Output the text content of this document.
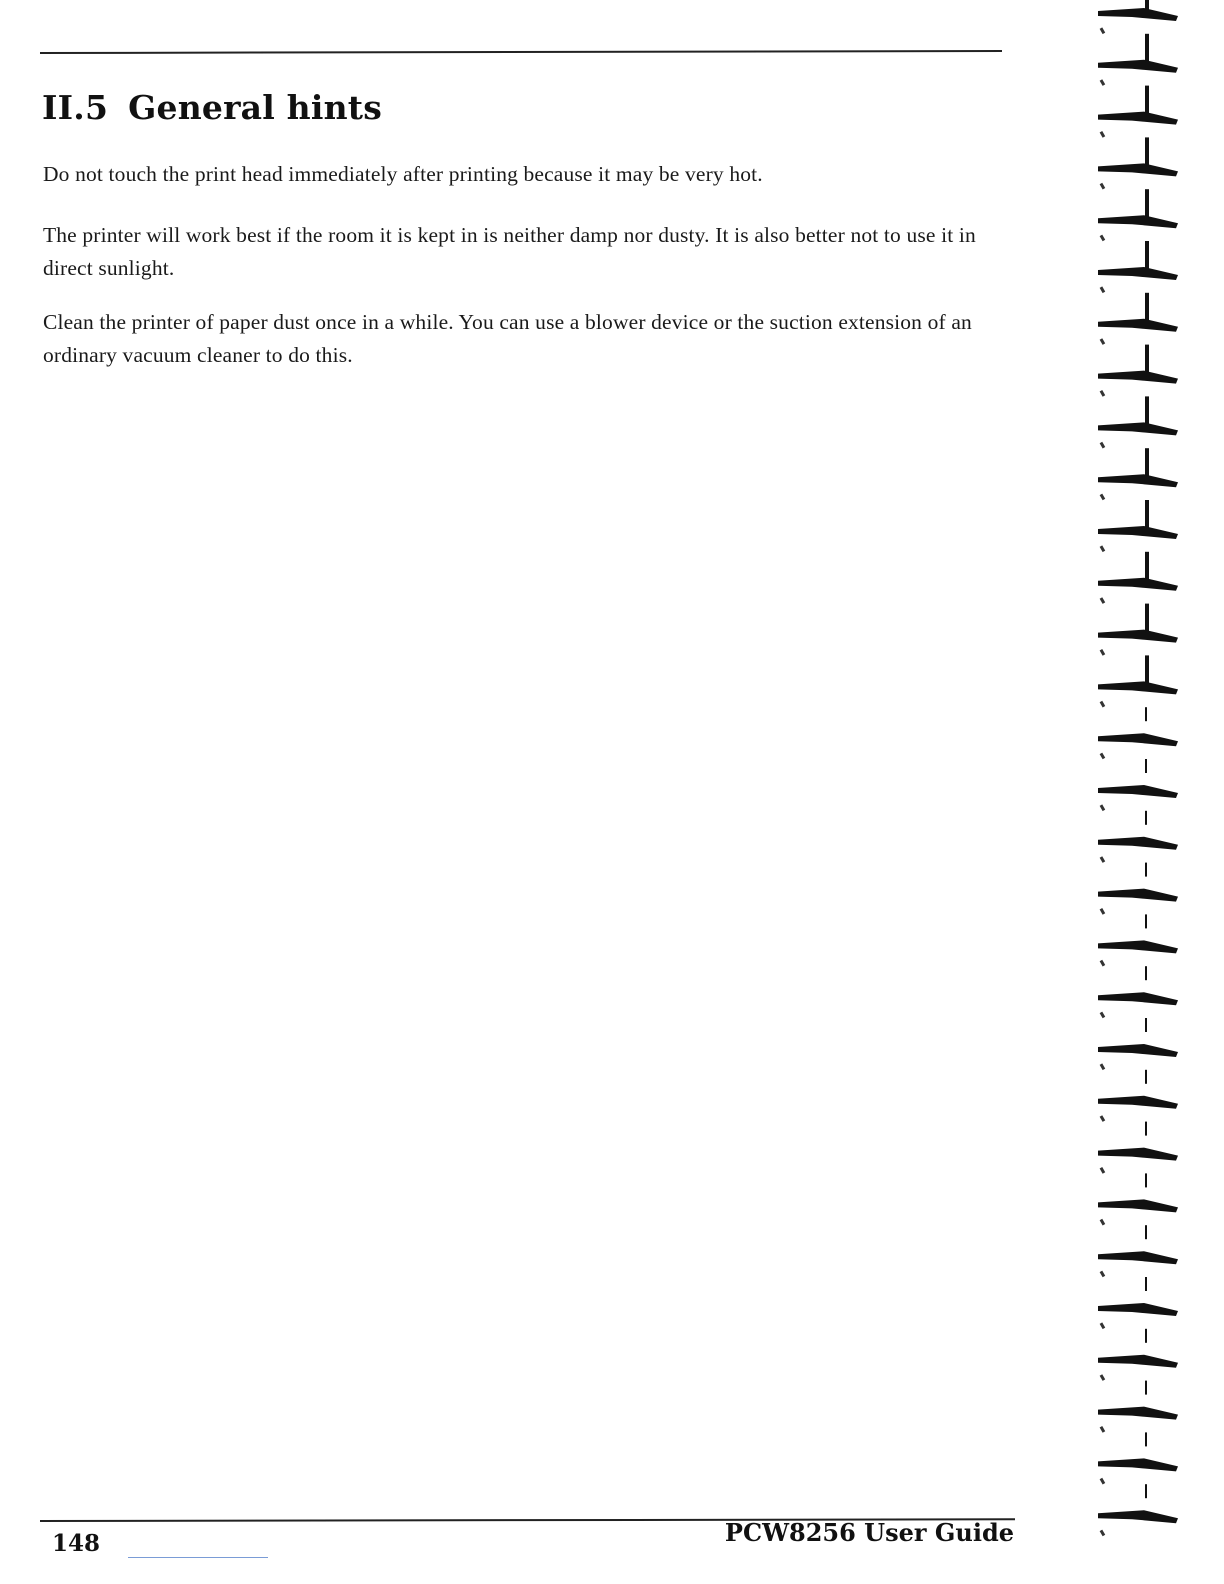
II.5 General hints

Do not touch the print head immediately after printing because it may be very hot.

The printer will work best if the room it is kept in is neither damp nor dusty. It is also better not to use it in direct sunlight.

Clean the printer of paper dust once in a while. You can use a blower device or the suction extension of an ordinary vacuum cleaner to do this.

148	PCW8256 User Guide
